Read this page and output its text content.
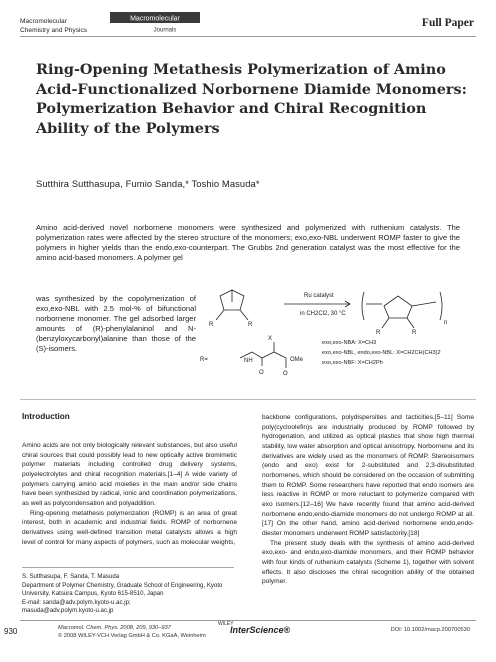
Macromolecular
Chemistry and Physics
Macromolecular
Journals
Full Paper
Ring-Opening Metathesis Polymerization of Amino Acid-Functionalized Norbornene Diamide Monomers: Polymerization Behavior and Chiral Recognition Ability of the Polymers
Sutthira Sutthasupa, Fumio Sanda,* Toshio Masuda*
Amino acid-derived novel norbornene monomers were synthesized and polymerized with ruthenium catalysts. The polymerization rates were affected by the stereo structure of the monomers; exo,exo-NBL underwent ROMP faster to give the polymers in higher yields than the endo,exo-counterpart. The Grubbs 2nd generation catalyst was the most effective for the amino acid-based monomers. A polymer gel
was synthesized by the copolymerization of exo,exo-NBL with 2.5 mol-% of bifunctional norbornene monomer. The gel adsorbed larger amounts of (R)-phenylalaninol and N-(benzyloxycarbonyl)alanine than those of the (S)-isomers.
Ru catalyst
in CH2Cl2, 30 °C
R	R
R	R
n
X
R=	NH
O	O
OMe
exo,exo-NBA: X=CH3
exo,exo-NBL, endo,exo-NBL: X=CH2CH(CH3)2
exo,exo-NBF: X=CH2Ph
Introduction

Amino acids are not only biologically relevant substances, but also useful chiral sources that could possibly lead to new optically active biomimetic polymer materials including controlled drug delivery systems, polyelectrolytes and chiral recognition materials.[1–4] A wide variety of polymers carrying amino acid moieties in the main and/or side chains have been synthesized by radical, ionic and coordination polymerizations, as well as polycondensation and polyaddition.

Ring-opening metathesis polymerization (ROMP) is an area of great interest, both in academic and industrial fields. ROMP of norbornene derivatives using well-defined transition metal catalysts allows a high level of control for many aspects of polymers, such as molecular weights,

S. Sutthasupa, F. Sanda, T. Masuda
Department of Polymer Chemistry, Graduate School of Engineering, Kyoto University, Katsura Campus, Kyoto 615-8510, Japan
E-mail: sanda@adv.polym.kyoto-u.ac.jp;
masuda@adv.polym.kyoto-u.ac.jp

backbone configurations, polydispersities and tacticities.[5–11] Some poly(cycloolefin)s are industrially produced by ROMP followed by hydrogenation, and utilized as optical plastics that show high thermal stability, low water absorption and optical anisotropy. Norbornene and its derivatives are widely used as the monomers of ROMP. Stereoisomers (endo and exo) exist for 2-substituted and 2,3-disubstituted norbornenes, which should be considered on the occasion of submitting them to ROMP. Some researchers have reported that endo isomers are less reactive in ROMP or more reluctant to polymerize compared with exo isomers.[12–16] We have recently found that amino acid-derived norbornene endo,endo-diamide monomers do not undergo ROMP at all.[17] On the other hand, amino acid-derived norbornene endo,endo-diester monomers underwent ROMP satisfactorily.[18]

The present study deals with the synthesis of amino acid-derived exo,exo- and endo,exo-diamide monomers, and their ROMP behavior with four kinds of ruthenium catalysts (Scheme 1), together with solvent effects. It also discloses the chiral recognition ability of the obtained polymer.

930	Macromol. Chem. Phys. 2008, 209, 930–937
© 2008 WILEY-VCH Verlag GmbH & Co. KGaA, Weinheim
WILEY
InterScience®	DOI: 10.1002/macp.200700530
